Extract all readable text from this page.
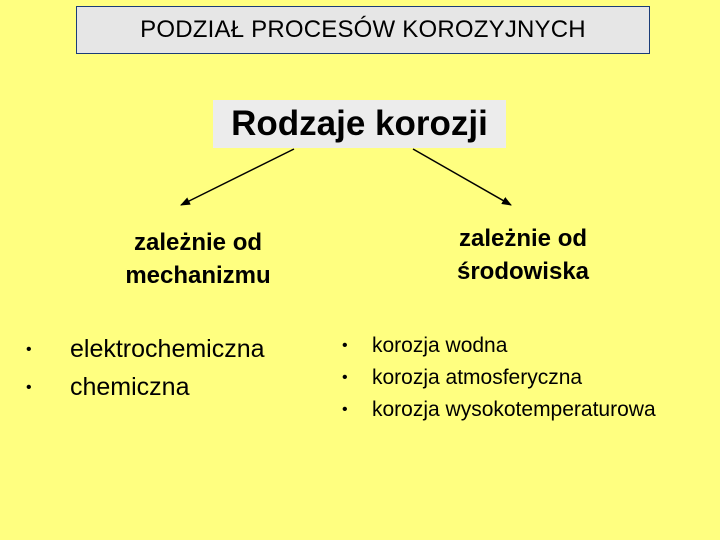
PODZIAŁ PROCESÓW KOROZYJNYCH
Rodzaje korozji
zależnie od
mechanizmu
zależnie od
środowiska
• elektrochemiczna
• chemiczna
• korozja wodna
• korozja atmosferyczna
• korozja wysokotemperaturowa
